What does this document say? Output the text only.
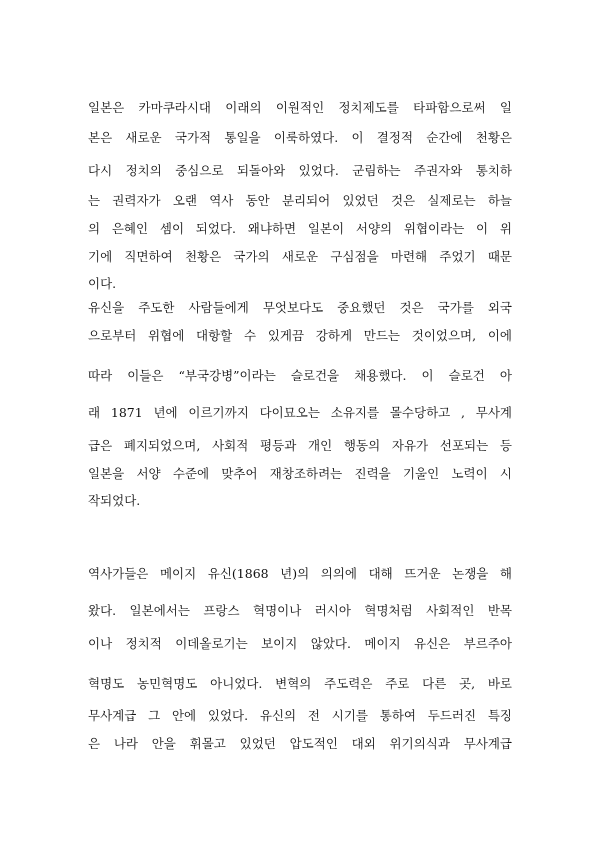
일본은 카마쿠라시대 이래의 이원적인 정치제도를 타파함으로써 일
본은 새로운 국가적 통일을 이룩하였다. 이 결정적 순간에 천황은
다시 정치의 중심으로 되돌아와 있었다. 군림하는 주권자와 통치하
는 권력자가 오랜 역사 동안 분리되어 있었던 것은 실제로는 하늘
의 은혜인 셈이 되었다. 왜냐하면 일본이 서양의 위협이라는 이 위
기에 직면하여 천황은 국가의 새로운 구심점을 마련해 주었기 때문
이다.
유신을 주도한 사람들에게 무엇보다도 중요했던 것은 국가를 외국
으로부터 위협에 대항할 수 있게끔 강하게 만드는 것이었으며, 이에
따라 이들은 “부국강병”이라는 슬로건을 채용했다. 이 슬로건 아
래 1871 년에 이르기까지 다이묘오는 소유지를 몰수당하고 , 무사계
급은 폐지되었으며, 사회적 평등과 개인 행동의 자유가 선포되는 등
일본을 서양 수준에 맞추어 재창조하려는 진력을 기울인 노력이 시
작되었다.
역사가들은 메이지 유신(1868 년)의 의의에 대해 뜨거운 논쟁을 해
왔다. 일본에서는 프랑스 혁명이나 러시아 혁명처럼 사회적인 반목
이나 정치적 이데올로기는 보이지 않았다. 메이지 유신은 부르주아
혁명도 농민혁명도 아니었다. 변혁의 주도력은 주로 다른 곳, 바로
무사계급 그 안에 있었다. 유신의 전 시기를 통하여 두드러진 특징
은 나라 안을 휘몰고 있었던 압도적인 대외 위기의식과 무사계급
